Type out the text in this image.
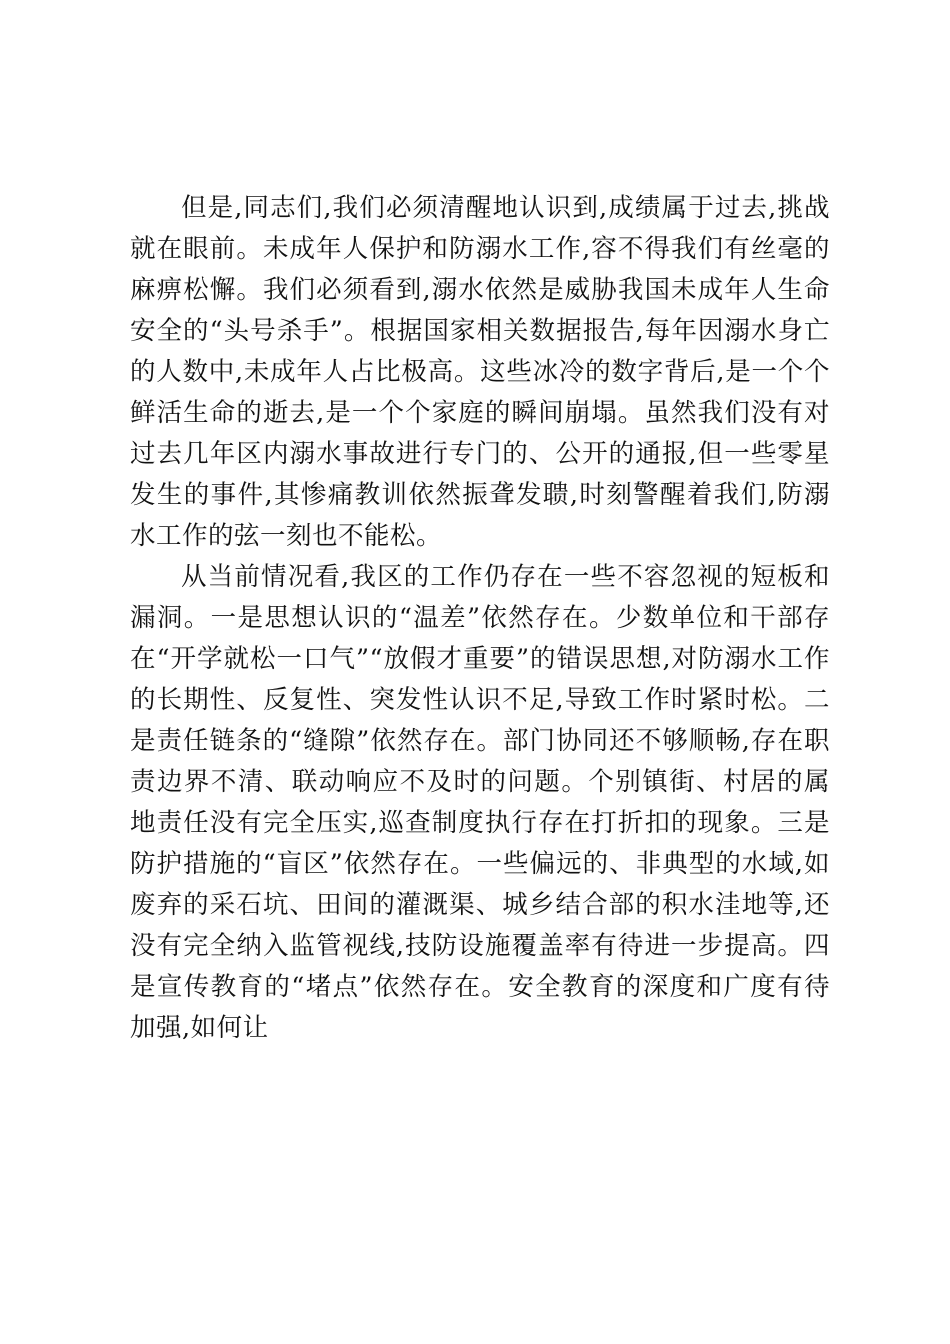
但是,同志们,我们必须清醒地认识到,成绩属于过去,挑战就在眼前。未成年人保护和防溺水工作,容不得我们有丝毫的麻痹松懈。我们必须看到,溺水依然是威胁我国未成年人生命安全的“头号杀手”。根据国家相关数据报告,每年因溺水身亡的人数中,未成年人占比极高。这些冰冷的数字背后,是一个个鲜活生命的逝去,是一个个家庭的瞬间崩塌。虽然我们没有对过去几年区内溺水事故进行专门的、公开的通报,但一些零星发生的事件,其惨痛教训依然振聋发聩,时刻警醒着我们,防溺水工作的弦一刻也不能松。

从当前情况看,我区的工作仍存在一些不容忽视的短板和漏洞。一是思想认识的“温差”依然存在。少数单位和干部存在“开学就松一口气”“放假才重要”的错误思想,对防溺水工作的长期性、反复性、突发性认识不足,导致工作时紧时松。二是责任链条的“缝隙”依然存在。部门协同还不够顺畅,存在职责边界不清、联动响应不及时的问题。个别镇街、村居的属地责任没有完全压实,巡查制度执行存在打折扣的现象。三是防护措施的“盲区”依然存在。一些偏远的、非典型的水域,如废弃的采石坑、田间的灌溉渠、城乡结合部的积水洼地等,还没有完全纳入监管视线,技防设施覆盖率有待进一步提高。四是宣传教育的“堵点”依然存在。安全教育的深度和广度有待加强,如何让
